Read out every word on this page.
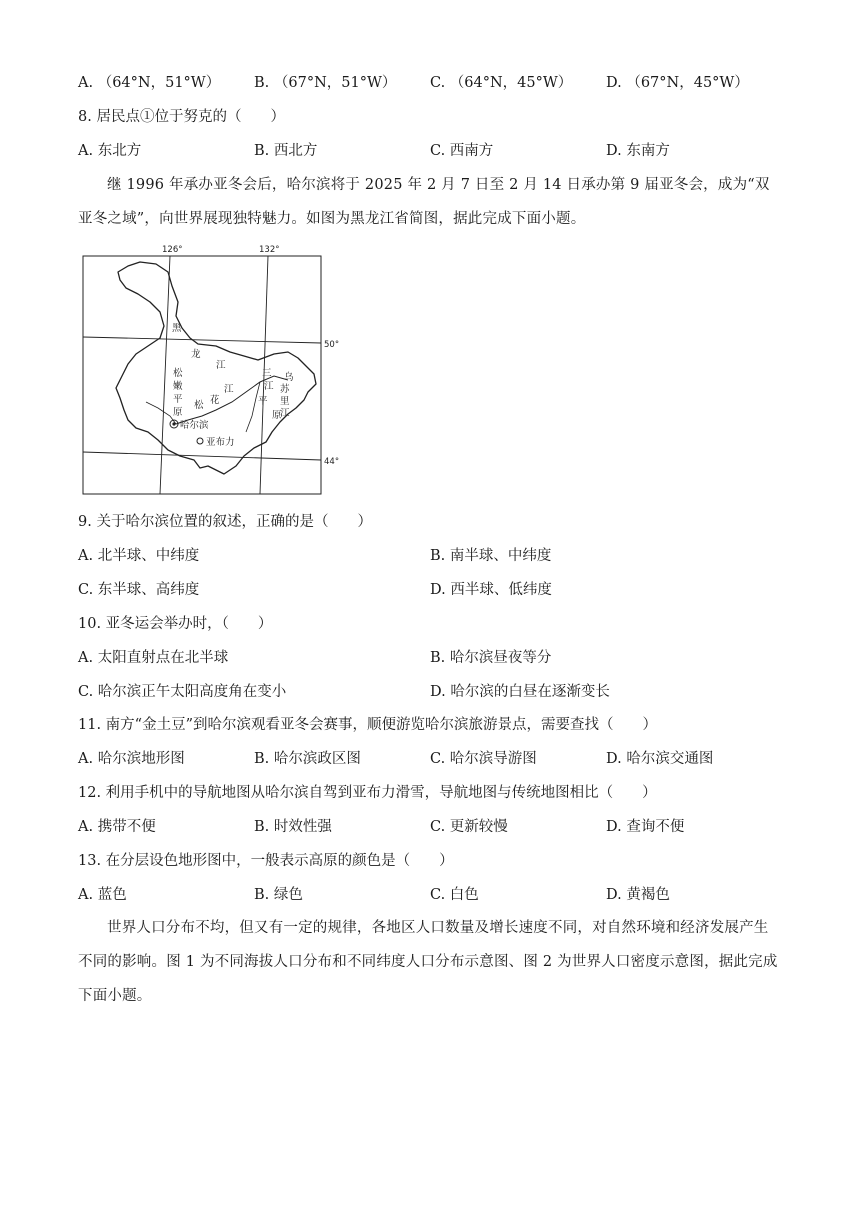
A. （64°N，51°W） B. （67°N，51°W） C. （64°N，45°W） D. （67°N，45°W）
8. 居民点①位于努克的（　　）
A. 东北方	B. 西北方	C. 西南方	D. 东南方
继 1996 年承办亚冬会后，哈尔滨将于 2025 年 2 月 7 日至 2 月 14 日承办第 9 届亚冬会，成为“双亚冬之域”，向世界展现独特魅力。如图为黑龙江省简图，据此完成下面小题。
126°	132°
50°
44°
黑
龙
江
松
嫩
平
原
松 花
江
三
江
平
原
乌
苏
里
江
哈尔滨
亚布力
9. 关于哈尔滨位置的叙述，正确的是（　　）
A. 北半球、中纬度	B. 南半球、中纬度
C. 东半球、高纬度	D. 西半球、低纬度
10. 亚冬运会举办时，（　　）
A. 太阳直射点在北半球	B. 哈尔滨昼夜等分
C. 哈尔滨正午太阳高度角在变小	D. 哈尔滨的白昼在逐渐变长
11. 南方“金土豆”到哈尔滨观看亚冬会赛事，顺便游览哈尔滨旅游景点，需要查找（　　）
A. 哈尔滨地形图	B. 哈尔滨政区图	C. 哈尔滨导游图	D. 哈尔滨交通图
12. 利用手机中的导航地图从哈尔滨自驾到亚布力滑雪，导航地图与传统地图相比（　　）
A. 携带不便	B. 时效性强	C. 更新较慢	D. 查询不便
13. 在分层设色地形图中，一般表示高原的颜色是（　　）
A. 蓝色	B. 绿色	C. 白色	D. 黄褐色
世界人口分布不均，但又有一定的规律，各地区人口数量及增长速度不同，对自然环境和经济发展产生不同的影响。图 1 为不同海拔人口分布和不同纬度人口分布示意图、图 2 为世界人口密度示意图，据此完成下面小题。
